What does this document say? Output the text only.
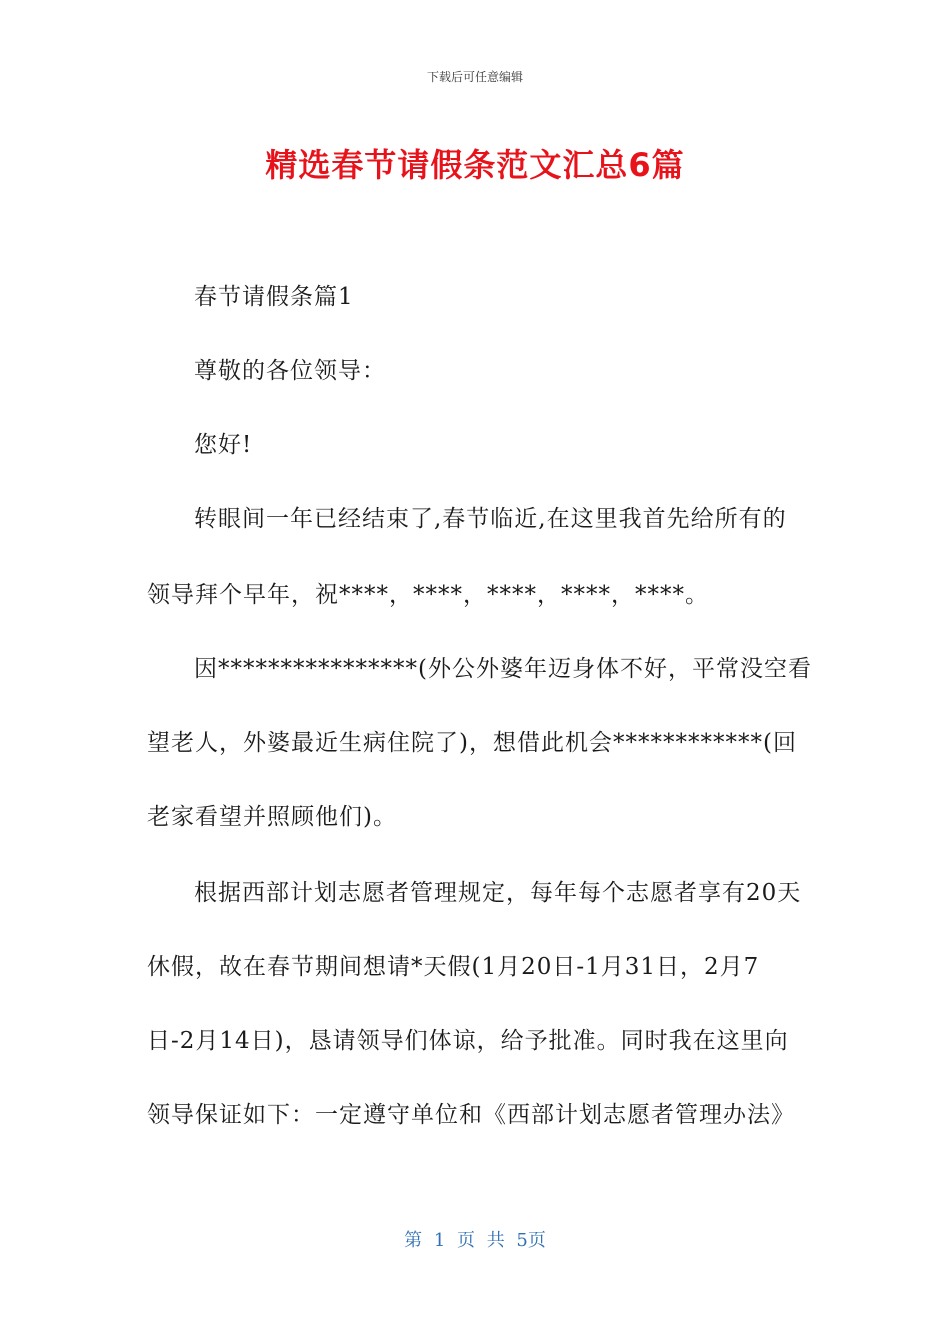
下载后可任意编辑
精选春节请假条范文汇总6篇
春节请假条篇1
尊敬的各位领导：
您好!
转眼间一年已经结束了,春节临近,在这里我首先给所有的
领导拜个早年，祝****，****，****，****，****。
因****************(外公外婆年迈身体不好，平常没空看
望老人，外婆最近生病住院了)，想借此机会************(回
老家看望并照顾他们)。
根据西部计划志愿者管理规定，每年每个志愿者享有20天
休假，故在春节期间想请*天假(1月20日-1月31日，2月7
日-2月14日)，恳请领导们体谅，给予批准。同时我在这里向
领导保证如下：一定遵守单位和《西部计划志愿者管理办法》
第 1 页 共 5页
